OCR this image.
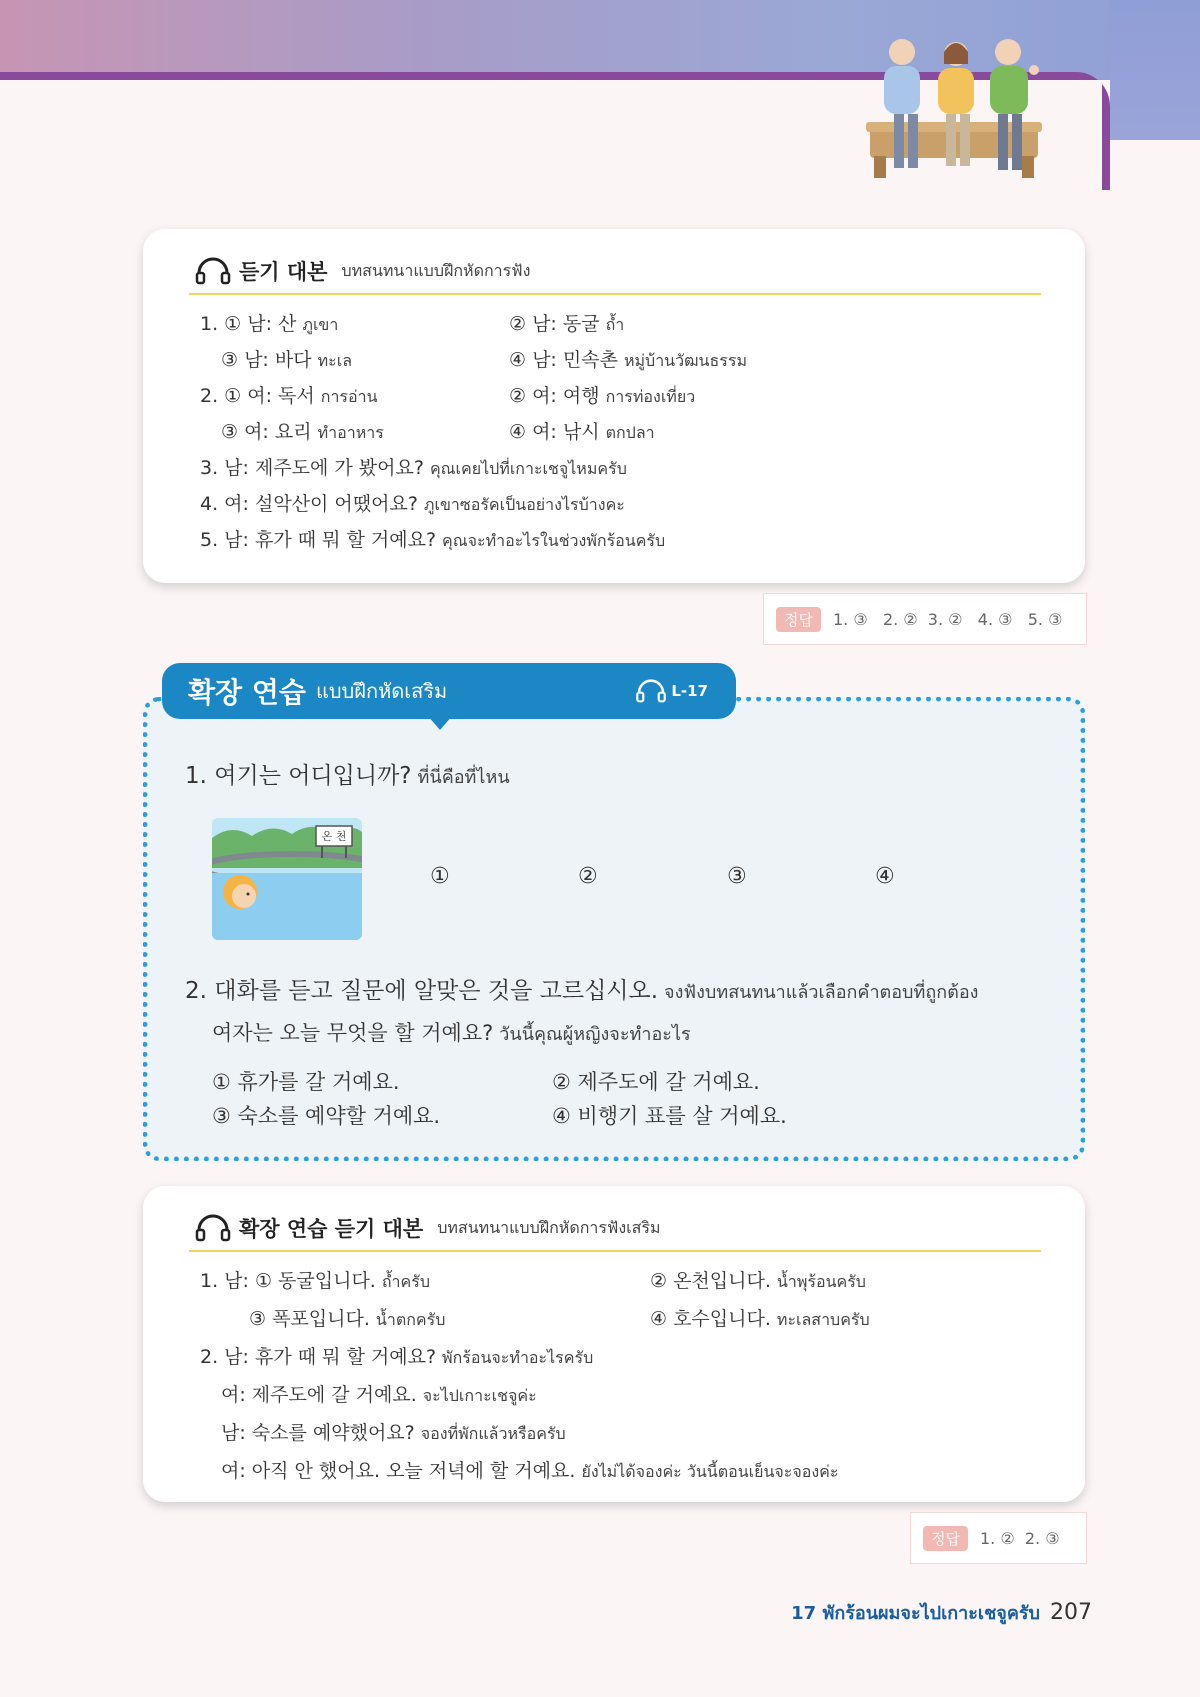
듣기 대본 บทสนทนาแบบฝึกหัดการฟัง
1. ① 남: 산 ภูเขา	② 남: 동굴 ถ้ำ
③ 남: 바다 ทะเล	④ 남: 민속촌 หมู่บ้านวัฒนธรรม
2. ① 여: 독서 การอ่าน	② 여: 여행 การท่องเที่ยว
③ 여: 요리 ทำอาหาร	④ 여: 낚시 ตกปลา
3. 남: 제주도에 가 봤어요? คุณเคยไปที่เกาะเชจูไหมครับ
4. 여: 설악산이 어땠어요? ภูเขาซอรัคเป็นอย่างไรบ้างคะ
5. 남: 휴가 때 뭐 할 거예요? คุณจะทำอะไรในช่วงพักร้อนครับ
정답	1. ③   2. ②  3. ②   4. ③   5. ③
확장 연습 แบบฝึกหัดเสริม	L-17
1. 여기는 어디입니까? ที่นี่คือที่ไหน
온 천
①	②	③	④
2. 대화를 듣고 질문에 알맞은 것을 고르십시오. จงฟังบทสนทนาแล้วเลือกคำตอบที่ถูกต้อง
여자는 오늘 무엇을 할 거예요? วันนี้คุณผู้หญิงจะทำอะไร
① 휴가를 갈 거예요.	② 제주도에 갈 거예요.
③ 숙소를 예약할 거예요.	④ 비행기 표를 살 거예요.
확장 연습 듣기 대본 บทสนทนาแบบฝึกหัดการฟังเสริม
1. 남: ① 동굴입니다. ถ้ำครับ	② 온천입니다. น้ำพุร้อนครับ
③ 폭포입니다. น้ำตกครับ	④ 호수입니다. ทะเลสาบครับ
2. 남: 휴가 때 뭐 할 거예요? พักร้อนจะทำอะไรครับ
여: 제주도에 갈 거예요. จะไปเกาะเชจูค่ะ
남: 숙소를 예약했어요? จองที่พักแล้วหรือครับ
여: 아직 안 했어요. 오늘 저녁에 할 거예요. ยังไม่ได้จองค่ะ วันนี้ตอนเย็นจะจองค่ะ
정답	1. ②  2. ③
17 พักร้อนผมจะไปเกาะเชจูครับ 207
